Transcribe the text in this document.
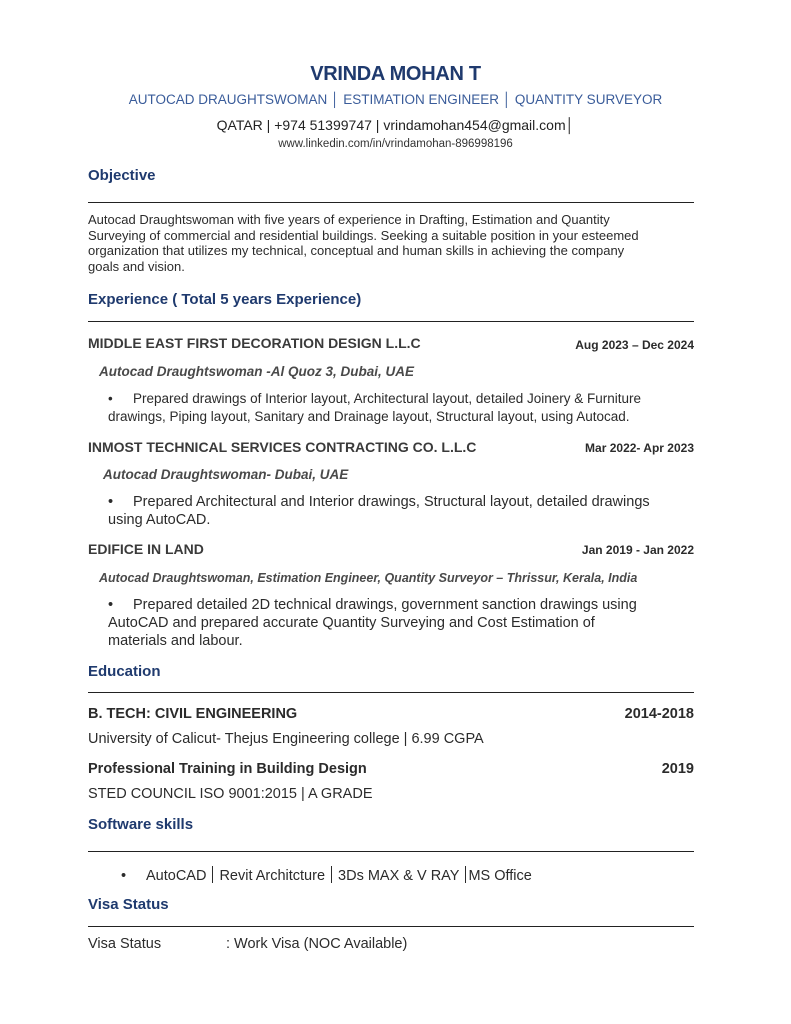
VRINDA MOHAN T
AUTOCAD DRAUGHTSWOMAN │ ESTIMATION ENGINEER │ QUANTITY SURVEYOR
QATAR | +974 51399747 | vrindamohan454@gmail.com│
www.linkedin.com/in/vrindamohan-896998196
Objective
Autocad Draughtswoman with five years of experience in Drafting, Estimation and Quantity
Surveying of commercial and residential buildings. Seeking a suitable position in your esteemed
organization that utilizes my technical, conceptual and human skills in achieving the company
goals and vision.
Experience ( Total 5 years Experience)
MIDDLE EAST FIRST DECORATION DESIGN L.L.C	Aug 2023 – Dec 2024
Autocad Draughtswoman -Al Quoz 3, Dubai, UAE
• Prepared drawings of Interior layout, Architectural layout, detailed Joinery & Furniture
drawings, Piping layout, Sanitary and Drainage layout, Structural layout, using Autocad.
INMOST TECHNICAL SERVICES CONTRACTING CO. L.L.C	Mar 2022- Apr 2023
Autocad Draughtswoman- Dubai, UAE
• Prepared Architectural and Interior drawings, Structural layout, detailed drawings
using AutoCAD.
EDIFICE IN LAND	Jan 2019 - Jan 2022
Autocad Draughtswoman, Estimation Engineer, Quantity Surveyor – Thrissur, Kerala, India
• Prepared detailed 2D technical drawings, government sanction drawings using
AutoCAD and prepared accurate Quantity Surveying and Cost Estimation of
materials and labour.
Education
B. TECH: CIVIL ENGINEERING	2014-2018
University of Calicut- Thejus Engineering college | 6.99 CGPA
Professional Training in Building Design	2019
STED COUNCIL ISO 9001:2015 | A GRADE
Software skills
• AutoCAD Revit Architcture 3Ds MAX & V RAY MS Office
Visa Status
Visa Status	: Work Visa (NOC Available)
